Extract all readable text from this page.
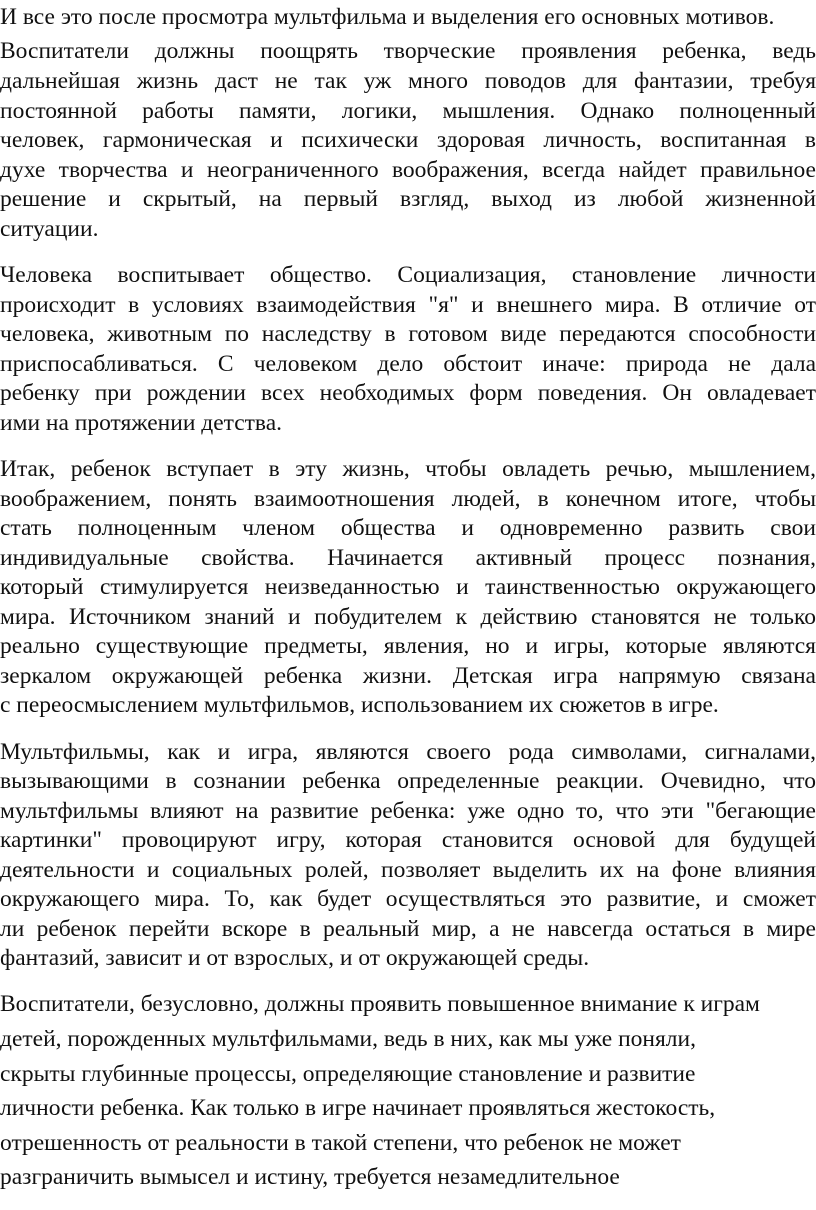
И все это после просмотра мультфильма и выделения его основных мотивов.
Воспитатели должны поощрять творческие проявления ребенка, ведь
дальнейшая жизнь даст не так уж много поводов для фантазии, требуя
постоянной работы памяти, логики, мышления. Однако полноценный
человек, гармоническая и психически здоровая личность, воспитанная в
духе творчества и неограниченного воображения, всегда найдет правильное
решение и скрытый, на первый взгляд, выход из любой жизненной
ситуации.
Человека воспитывает общество. Социализация, становление личности
происходит в условиях взаимодействия "я" и внешнего мира. В отличие от
человека, животным по наследству в готовом виде передаются способности
приспосабливаться. С человеком дело обстоит иначе: природа не дала
ребенку при рождении всех необходимых форм поведения. Он овладевает
ими на протяжении детства.
Итак, ребенок вступает в эту жизнь, чтобы овладеть речью, мышлением,
воображением, понять взаимоотношения людей, в конечном итоге, чтобы
стать полноценным членом общества и одновременно развить свои
индивидуальные свойства. Начинается активный процесс познания,
который стимулируется неизведанностью и таинственностью окружающего
мира. Источником знаний и побудителем к действию становятся не только
реально существующие предметы, явления, но и игры, которые являются
зеркалом окружающей ребенка жизни. Детская игра напрямую связана
с переосмыслением мультфильмов, использованием их сюжетов в игре.
Мультфильмы, как и игра, являются своего рода символами, сигналами,
вызывающими в сознании ребенка определенные реакции. Очевидно, что
мультфильмы влияют на развитие ребенка: уже одно то, что эти "бегающие
картинки" провоцируют игру, которая становится основой для будущей
деятельности и социальных ролей, позволяет выделить их на фоне влияния
окружающего мира. То, как будет осуществляться это развитие, и сможет
ли ребенок перейти вскоре в реальный мир, а не навсегда остаться в мире
фантазий, зависит и от взрослых, и от окружающей среды.
Воспитатели, безусловно, должны проявить повышенное внимание к играм
детей, порожденных мультфильмами, ведь в них, как мы уже поняли,
скрыты глубинные процессы, определяющие становление и развитие
личности ребенка. Как только в игре начинает проявляться жестокость,
отрешенность от реальности в такой степени, что ребенок не может
разграничить вымысел и истину, требуется незамедлительное
